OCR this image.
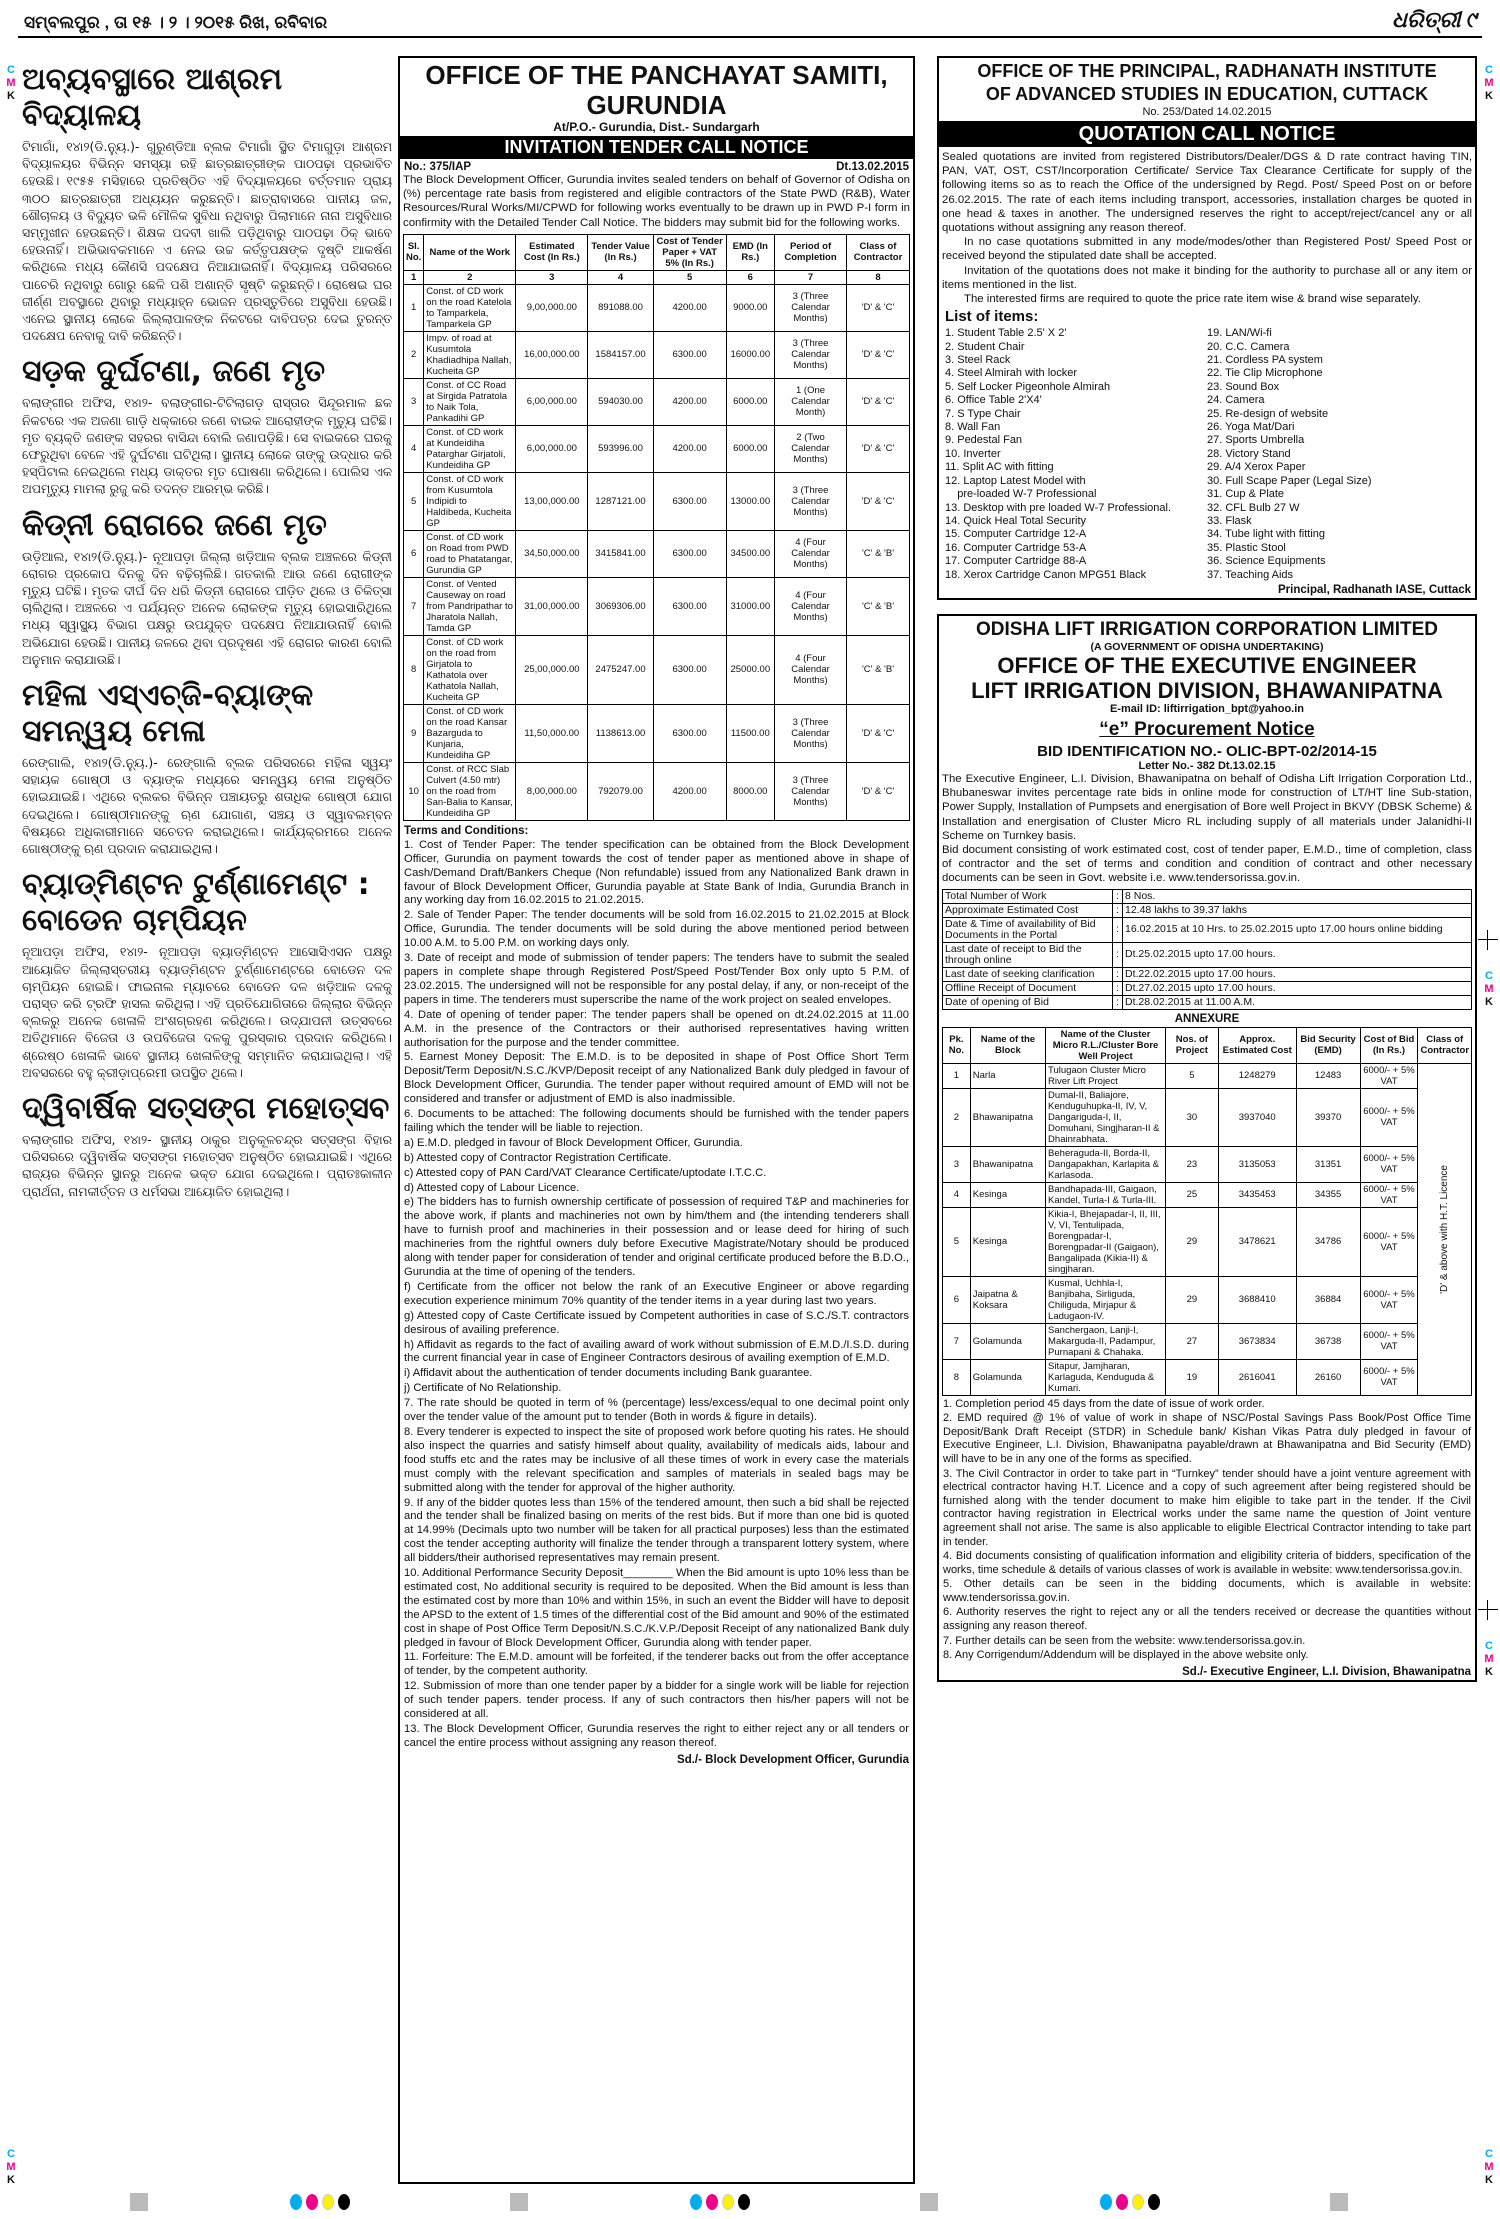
ସମ୍ବଲପୁର , ତା ୧୫ । ୨ । ୨୦୧୫ ରିଖ, ରବିବାର	ଧରିତ୍ରୀ ୯
C
M
K
C
M
K
C
M
K
C
M
K
C
M
K
C
M
K
ଅବ୍ୟବସ୍ଥାରେ ଆଶ୍ରମ ବିଦ୍ୟାଳୟ

ଟିମାଗାଁ, ୧୪ା୨(ଡି.ନ୍ୟୁ.)- ଗୁରୁଣ୍ଡିଆ ବ୍ଲକ ଟିମାଗାଁ ସ୍ଥିତ ଟିମାଗୁଡ଼ା ଆଶ୍ରମ ବିଦ୍ୟାଳୟର ବିଭିନ୍ନ ସମସ୍ୟା ରହି ଛାତ୍ରଛାତ୍ରୀଙ୍କ ପାଠପଢ଼ା ପ୍ରଭାବିତ ହେଉଛି। ୧୯୫୫ ମସିହାରେ ପ୍ରତିଷ୍ଠିତ ଏହି ବିଦ୍ୟାଳୟରେ ବର୍ତ୍ତମାନ ପ୍ରାୟ ୩୦୦ ଛାତ୍ରଛାତ୍ରୀ ଅଧ୍ୟୟନ କରୁଛନ୍ତି। ଛାତ୍ରାବାସରେ ପାନୀୟ ଜଳ, ଶୌଚାଳୟ ଓ ବିଦ୍ୟୁତ ଭଳି ମୌଳିକ ସୁବିଧା ନଥିବାରୁ ପିଲାମାନେ ନାନା ଅସୁବିଧାର ସମ୍ମୁଖୀନ ହେଉଛନ୍ତି। ଶିକ୍ଷକ ପଦବୀ ଖାଲି ପଡ଼ିଥିବାରୁ ପାଠପଢ଼ା ଠିକ୍ ଭାବେ ହେଉନାହିଁ। ଅଭିଭାବକମାନେ ଏ ନେଇ ଉଚ୍ଚ କର୍ତ୍ତୃପକ୍ଷଙ୍କ ଦୃଷ୍ଟି ଆକର୍ଷଣ କରିଥିଲେ ମଧ୍ୟ କୌଣସି ପଦକ୍ଷେପ ନିଆଯାଇନାହିଁ। ବିଦ୍ୟାଳୟ ପରିସରରେ ପାଚେରି ନଥିବାରୁ ଗୋରୁ ଛେଳି ପଶି ଅଶାନ୍ତି ସୃଷ୍ଟି କରୁଛନ୍ତି। ରୋଷେଇ ଘର ଜୀର୍ଣ୍ଣ ଅବସ୍ଥାରେ ଥିବାରୁ ମଧ୍ୟାହ୍ନ ଭୋଜନ ପ୍ରସ୍ତୁତିରେ ଅସୁବିଧା ହେଉଛି। ଏନେଇ ସ୍ଥାନୀୟ ଲୋକେ ଜିଲ୍ଲାପାଳଙ୍କ ନିକଟରେ ଦାବିପତ୍ର ଦେଇ ତୁରନ୍ତ ପଦକ୍ଷେପ ନେବାକୁ ଦାବି କରିଛନ୍ତି।

ସଡ଼କ ଦୁର୍ଘଟଣା, ଜଣେ ମୃତ

ବଲାଙ୍ଗୀର ଅଫିସ, ୧୪ା୨- ବଲାଙ୍ଗୀର-ଟିଟିଲାଗଡ଼ ରାସ୍ତାର ସିନ୍ଦୂରମାଳ ଛକ ନିକଟରେ ଏକ ଅଜଣା ଗାଡ଼ି ଧକ୍କାରେ ଜଣେ ବାଇକ ଆରୋହୀଙ୍କ ମୃତ୍ୟୁ ଘଟିଛି। ମୃତ ବ୍ୟକ୍ତି ଜଣଙ୍କ ସହରର ବାସିନ୍ଦା ବୋଲି ଜଣାପଡ଼ିଛି। ସେ ବାଇକରେ ଘରକୁ ଫେରୁଥିବା ବେଳେ ଏହି ଦୁର୍ଘଟଣା ଘଟିଥିଲା। ସ୍ଥାନୀୟ ଲୋକେ ତାଙ୍କୁ ଉଦ୍ଧାର କରି ହସ୍ପିଟାଲ ନେଇଥିଲେ ମଧ୍ୟ ଡାକ୍ତର ମୃତ ଘୋଷଣା କରିଥିଲେ। ପୋଲିସ ଏକ ଅପମୃତ୍ୟୁ ମାମଲା ରୁଜୁ କରି ତଦନ୍ତ ଆରମ୍ଭ କରିଛି।

କିଡ୍‌ନୀ ରୋଗରେ ଜଣେ ମୃତ

ଉଡ଼ିଆଲ, ୧୪ା୨(ଡି.ନ୍ୟୁ.)- ନୂଆପଡ଼ା ଜିଲ୍ଲା ଖଡ଼ିଆଳ ବ୍ଲକ ଅଞ୍ଚଳରେ କିଡ୍‌ନୀ ରୋଗର ପ୍ରକୋପ ଦିନକୁ ଦିନ ବଢ଼ିଚାଲିଛି। ଗତକାଲି ଆଉ ଜଣେ ରୋଗୀଙ୍କ ମୃତ୍ୟୁ ଘଟିଛି। ମୃତକ ଦୀର୍ଘ ଦିନ ଧରି କିଡ୍‌ନୀ ରୋଗରେ ପୀଡ଼ିତ ଥିଲେ ଓ ଚିକିତ୍ସା ଚାଲିଥିଲା। ଅଞ୍ଚଳରେ ଏ ପର୍ଯ୍ୟନ୍ତ ଅନେକ ଲୋକଙ୍କ ମୃତ୍ୟୁ ହୋଇସାରିଥିଲେ ମଧ୍ୟ ସ୍ୱାସ୍ଥ୍ୟ ବିଭାଗ ପକ୍ଷରୁ ଉପଯୁକ୍ତ ପଦକ୍ଷେପ ନିଆଯାଉନାହିଁ ବୋଲି ଅଭିଯୋଗ ହେଉଛି। ପାନୀୟ ଜଳରେ ଥିବା ପ୍ରଦୂଷଣ ଏହି ରୋଗର କାରଣ ବୋଲି ଅନୁମାନ କରାଯାଉଛି।

ମହିଳା ଏସ୍‌ଏଚ୍‌ଜି-ବ୍ୟାଙ୍କ ସମନ୍ୱୟ ମେଳା

ରେଙ୍ଗାଲି, ୧୪ା୨(ଡି.ନ୍ୟୁ.)- ରେଙ୍ଗାଲି ବ୍ଲକ ପରିସରରେ ମହିଳା ସ୍ୱୟଂ ସହାୟକ ଗୋଷ୍ଠୀ ଓ ବ୍ୟାଙ୍କ ମଧ୍ୟରେ ସମନ୍ୱୟ ମେଳା ଅନୁଷ୍ଠିତ ହୋଇଯାଇଛି। ଏଥିରେ ବ୍ଲକର ବିଭିନ୍ନ ପଞ୍ଚାୟତରୁ ଶତାଧିକ ଗୋଷ୍ଠୀ ଯୋଗ ଦେଇଥିଲେ। ଗୋଷ୍ଠୀମାନଙ୍କୁ ଋଣ ଯୋଗାଣ, ସଞ୍ଚୟ ଓ ସ୍ୱାବଲମ୍ବନ ବିଷୟରେ ଅଧିକାରୀମାନେ ସଚେତନ କରାଇଥିଲେ। କାର୍ଯ୍ୟକ୍ରମରେ ଅନେକ ଗୋଷ୍ଠୀଙ୍କୁ ଋଣ ପ୍ରଦାନ କରାଯାଇଥିଲା।

ବ୍ୟାଡ୍‌ମିଣ୍ଟନ ଟୁର୍ଣ୍ଣାମେଣ୍ଟ : ବୋଡେନ ଚାମ୍ପିୟନ

ନୂଆପଡ଼ା ଅଫିସ, ୧୪ା୨- ନୂଆପଡ଼ା ବ୍ୟାଡ୍‌ମିଣ୍ଟନ ଆସୋସିଏସନ ପକ୍ଷରୁ ଆୟୋଜିତ ଜିଲ୍ଲାସ୍ତରୀୟ ବ୍ୟାଡ୍‌ମିଣ୍ଟନ ଟୁର୍ଣ୍ଣାମେଣ୍ଟରେ ବୋଡେନ ଦଳ ଚାମ୍ପିୟନ ହୋଇଛି। ଫାଇନାଲ ମ୍ୟାଚରେ ବୋଡେନ ଦଳ ଖଡ଼ିଆଳ ଦଳକୁ ପରାସ୍ତ କରି ଟ୍ରଫି ହାସଲ କରିଥିଲା। ଏହି ପ୍ରତିଯୋଗିତାରେ ଜିଲ୍ଲାର ବିଭିନ୍ନ ବ୍ଲକରୁ ଅନେକ ଖେଳାଳି ଅଂଶଗ୍ରହଣ କରିଥିଲେ। ଉଦ୍‌ଯାପନୀ ଉତ୍ସବରେ ଅତିଥିମାନେ ବିଜେତା ଓ ଉପବିଜେତା ଦଳକୁ ପୁରସ୍କାର ପ୍ରଦାନ କରିଥିଲେ। ଶ୍ରେଷ୍ଠ ଖେଳାଳି ଭାବେ ସ୍ଥାନୀୟ ଖେଳାଳିଙ୍କୁ ସମ୍ମାନିତ କରାଯାଇଥିଲା। ଏହି ଅବସରରେ ବହୁ କ୍ରୀଡ଼ାପ୍ରେମୀ ଉପସ୍ଥିତ ଥିଲେ।

ଦ୍ୱିବାର୍ଷିକ ସତ୍‌ସଙ୍ଗ ମହୋତ୍ସବ

ବଲାଙ୍ଗୀର ଅଫିସ, ୧୪ା୨- ସ୍ଥାନୀୟ ଠାକୁର ଅନୁକୂଳଚନ୍ଦ୍ର ସତ୍‌ସଙ୍ଗ ବିହାର ପରିସରରେ ଦ୍ୱିବାର୍ଷିକ ସତ୍‌ସଙ୍ଗ ମହୋତ୍ସବ ଅନୁଷ୍ଠିତ ହୋଇଯାଇଛି। ଏଥିରେ ରାଜ୍ୟର ବିଭିନ୍ନ ସ୍ଥାନରୁ ଅନେକ ଭକ୍ତ ଯୋଗ ଦେଇଥିଲେ। ପ୍ରାତଃକାଳୀନ ପ୍ରାର୍ଥନା, ନାମକୀର୍ତ୍ତନ ଓ ଧର୍ମସଭା ଆୟୋଜିତ ହୋଇଥିଲା।

OFFICE OF THE PANCHAYAT SAMITI, GURUNDIA
At/P.O.- Gurundia, Dist.- Sundargarh
INVITATION TENDER CALL NOTICE
No.: 375/IAP	Dt.13.02.2015
The Block Development Officer, Gurundia invites sealed tenders on behalf of Governor of Odisha on (%) percentage rate basis from registered and eligible contractors of the State PWD (R&B), Water Resources/Rural Works/MI/CPWD for following works eventually to be drawn up in PWD P-I form in confirmity with the Detailed Tender Call Notice. The bidders may submit bid for the following works.
Sl. No.	Name of the Work	Estimated Cost (In Rs.)	Tender Value (In Rs.)	Cost of Tender Paper + VAT 5% (In Rs.)	EMD (In Rs.)	Period of Completion	Class of Contractor
1	2	3	4	5	6	7	8
1	Const. of CD work on the road Katelola to Tamparkela, Tamparkela GP	9,00,000.00	891088.00	4200.00	9000.00	3 (Three Calendar Months)	'D' & 'C'
2	Impv. of road at Kusumtola Khadiadhipa Nallah, Kucheita GP	16,00,000.00	1584157.00	6300.00	16000.00	3 (Three Calendar Months)	'D' & 'C'
3	Const. of CC Road at Sirgida Patratola to Naik Tola, Pankadihi GP	6,00,000.00	594030.00	4200.00	6000.00	1 (One Calendar Month)	'D' & 'C'
4	Const. of CD work at Kundeidiha Patarghar Girjatoli, Kundeidiha GP	6,00,000.00	593996.00	4200.00	6000.00	2 (Two Calendar Months)	'D' & 'C'
5	Const. of CD work from Kusumtola Indipidi to Haldibeda, Kucheita GP	13,00,000.00	1287121.00	6300.00	13000.00	3 (Three Calendar Months)	'D' & 'C'
6	Const. of CD work on Road from PWD road to Phatatangar, Gurundia GP	34,50,000.00	3415841.00	6300.00	34500.00	4 (Four Calendar Months)	'C' & 'B'
7	Const. of Vented Causeway on road from Pandripathar to Jharatola Nallah, Tamda GP	31,00,000.00	3069306.00	6300.00	31000.00	4 (Four Calendar Months)	'C' & 'B'
8	Const. of CD work on the road from Girjatola to Kathatola over Kathatola Nallah, Kucheita GP	25,00,000.00	2475247.00	6300.00	25000.00	4 (Four Calendar Months)	'C' & 'B'
9	Const. of CD work on the road Kansar Bazarguda to Kunjaria, Kundeidiha GP	11,50,000.00	1138613.00	6300.00	11500.00	3 (Three Calendar Months)	'D' & 'C'
10	Const. of RCC Slab Culvert (4.50 mtr) on the road from San-Balia to Kansar, Kundeidiha GP	8,00,000.00	792079.00	4200.00	8000.00	3 (Three Calendar Months)	'D' & 'C'
Terms and Conditions:
1. Cost of Tender Paper: The tender specification can be obtained from the Block Development Officer, Gurundia on payment towards the cost of tender paper as mentioned above in shape of Cash/Demand Draft/Bankers Cheque (Non refundable) issued from any Nationalized Bank drawn in favour of Block Development Officer, Gurundia payable at State Bank of India, Gurundia Branch in any working day from 16.02.2015 to 21.02.2015.
2. Sale of Tender Paper: The tender documents will be sold from 16.02.2015 to 21.02.2015 at Block Office, Gurundia. The tender documents will be sold during the above mentioned period between 10.00 A.M. to 5.00 P.M. on working days only.
3. Date of receipt and mode of submission of tender papers: The tenders have to submit the sealed papers in complete shape through Registered Post/Speed Post/Tender Box only upto 5 P.M. of 23.02.2015. The undersigned will not be responsible for any postal delay, if any, or non-receipt of the papers in time. The tenderers must superscribe the name of the work project on sealed envelopes.
4. Date of opening of tender paper: The tender papers shall be opened on dt.24.02.2015 at 11.00 A.M. in the presence of the Contractors or their authorised representatives having written authorisation for the purpose and the tender committee.
5. Earnest Money Deposit: The E.M.D. is to be deposited in shape of Post Office Short Term Deposit/Term Deposit/N.S.C./KVP/Deposit receipt of any Nationalized Bank duly pledged in favour of Block Development Officer, Gurundia. The tender paper without required amount of EMD will not be considered and transfer or adjustment of EMD is also inadmissible.
6. Documents to be attached: The following documents should be furnished with the tender papers failing which the tender will be liable to rejection.
a) E.M.D. pledged in favour of Block Development Officer, Gurundia.
b) Attested copy of Contractor Registration Certificate.
c) Attested copy of PAN Card/VAT Clearance Certificate/uptodate I.T.C.C.
d) Attested copy of Labour Licence.
e) The bidders has to furnish ownership certificate of possession of required T&P and machineries for the above work, if plants and machineries not own by him/them and (the intending tenderers shall have to furnish proof and machineries in their possession and or lease deed for hiring of such machineries from the rightful owners duly before Executive Magistrate/Notary should be produced along with tender paper for consideration of tender and original certificate produced before the B.D.O., Gurundia at the time of opening of the tenders.
f) Certificate from the officer not below the rank of an Executive Engineer or above regarding execution experience minimum 70% quantity of the tender items in a year during last two years.
g) Attested copy of Caste Certificate issued by Competent authorities in case of S.C./S.T. contractors desirous of availing preference.
h) Affidavit as regards to the fact of availing award of work without submission of E.M.D./I.S.D. during the current financial year in case of Engineer Contractors desirous of availing exemption of E.M.D.
i) Affidavit about the authentication of tender documents including Bank guarantee.
j) Certificate of No Relationship.
7. The rate should be quoted in term of % (percentage) less/excess/equal to one decimal point only over the tender value of the amount put to tender (Both in words & figure in details).
8. Every tenderer is expected to inspect the site of proposed work before quoting his rates. He should also inspect the quarries and satisfy himself about quality, availability of medicals aids, labour and food stuffs etc and the rates may be inclusive of all these times of work in every case the materials must comply with the relevant specification and samples of materials in sealed bags may be submitted along with the tender for approval of the higher authority.
9. If any of the bidder quotes less than 15% of the tendered amount, then such a bid shall be rejected and the tender shall be finalized basing on merits of the rest bids. But if more than one bid is quoted at 14.99% (Decimals upto two number will be taken for all practical purposes) less than the estimated cost the tender accepting authority will finalize the tender through a transparent lottery system, where all bidders/their authorised representatives may remain present.
10. Additional Performance Security Deposit________ When the Bid amount is upto 10% less than be estimated cost, No additional security is required to be deposited. When the Bid amount is less than the estimated cost by more than 10% and within 15%, in such an event the Bidder will have to deposit the APSD to the extent of 1.5 times of the differential cost of the Bid amount and 90% of the estimated cost in shape of Post Office Term Deposit/N.S.C./K.V.P./Deposit Receipt of any nationalized Bank duly pledged in favour of Block Development Officer, Gurundia along with tender paper.
11. Forfeiture: The E.M.D. amount will be forfeited, if the tenderer backs out from the offer acceptance of tender, by the competent authority.
12. Submission of more than one tender paper by a bidder for a single work will be liable for rejection of such tender papers. tender process. If any of such contractors then his/her papers will not be considered at all.
13. The Block Development Officer, Gurundia reserves the right to either reject any or all tenders or cancel the entire process without assigning any reason thereof.
Sd./- Block Development Officer, Gurundia
OFFICE OF THE PRINCIPAL, RADHANATH INSTITUTE
OF ADVANCED STUDIES IN EDUCATION, CUTTACK
No. 253/Dated 14.02.2015
QUOTATION CALL NOTICE
Sealed quotations are invited from registered Distributors/Dealer/DGS & D rate contract having TIN, PAN, VAT, OST, CST/Incorporation Certificate/ Service Tax Clearance Certificate for supply of the following items so as to reach the Office of the undersigned by Regd. Post/ Speed Post on or before 26.02.2015. The rate of each items including transport, accessories, installation charges be quoted in one head & taxes in another. The undersigned reserves the right to accept/reject/cancel any or all quotations without assigning any reason thereof.
In no case quotations submitted in any mode/modes/other than Registered Post/ Speed Post or received beyond the stipulated date shall be accepted.
Invitation of the quotations does not make it binding for the authority to purchase all or any item or items mentioned in the list.
The interested firms are required to quote the price rate item wise & brand wise separately.
List of items:
1. Student Table 2.5' X 2'
2. Student Chair
3. Steel Rack
4. Steel Almirah with locker
5. Self Locker Pigeonhole Almirah
6. Office Table 2'X4'
7. S Type Chair
8. Wall Fan
9. Pedestal Fan
10. Inverter
11. Split AC with fitting
12. Laptop Latest Model with
pre-loaded W-7 Professional
13. Desktop with pre loaded W-7 Professional.
14. Quick Heal Total Security
15. Computer Cartridge 12-A
16. Computer Cartridge 53-A
17. Computer Cartridge 88-A
18. Xerox Cartridge Canon MPG51 Black
19. LAN/Wi-fi
20. C.C. Camera
21. Cordless PA system
22. Tie Clip Microphone
23. Sound Box
24. Camera
25. Re-design of website
26. Yoga Mat/Dari
27. Sports Umbrella
28. Victory Stand
29. A/4 Xerox Paper
30. Full Scape Paper (Legal Size)
31. Cup & Plate
32. CFL Bulb 27 W
33. Flask
34. Tube light with fitting
35. Plastic Stool
36. Science Equipments
37. Teaching Aids
Principal, Radhanath IASE, Cuttack
ODISHA LIFT IRRIGATION CORPORATION LIMITED
(A GOVERNMENT OF ODISHA UNDERTAKING)
OFFICE OF THE EXECUTIVE ENGINEER
LIFT IRRIGATION DIVISION, BHAWANIPATNA
E-mail ID: liftirrigation_bpt@yahoo.in
“e” Procurement Notice
BID IDENTIFICATION NO.- OLIC-BPT-02/2014-15
Letter No.- 382 Dt.13.02.15
The Executive Engineer, L.I. Division, Bhawanipatna on behalf of Odisha Lift Irrigation Corporation Ltd., Bhubaneswar invites percentage rate bids in online mode for construction of LT/HT line Sub-station, Power Supply, Installation of Pumpsets and energisation of Bore well Project in BKVY (DBSK Scheme) & Installation and energisation of Cluster Micro RL including supply of all materials under Jalanidhi-II Scheme on Turnkey basis.
Bid document consisting of work estimated cost, cost of tender paper, E.M.D., time of completion, class of contractor and the set of terms and condition and condition of contract and other necessary documents can be seen in Govt. website i.e. www.tendersorissa.gov.in.
Total Number of Work	:	8 Nos.
Approximate Estimated Cost	:	12.48 lakhs to 39.37 lakhs
Date & Time of availability of Bid Documents in the Portal	:	16.02.2015 at 10 Hrs. to 25.02.2015 upto 17.00 hours online bidding
Last date of receipt to Bid the through online	:	Dt.25.02.2015 upto 17.00 hours.
Last date of seeking clarification	:	Dt.22.02.2015 upto 17.00 hours.
Offline Receipt of Document	:	Dt.27.02.2015 upto 17.00 hours.
Date of opening of Bid	:	Dt.28.02.2015 at 11.00 A.M.
ANNEXURE
Pk. No.	Name of the Block	Name of the Cluster Micro R.L./Cluster Bore Well Project	Nos. of Project	Approx. Estimated Cost	Bid Security (EMD)	Cost of Bid (In Rs.)	Class of Contractor
1	Narla	Tulugaon Cluster Micro River Lift Project	5	1248279	12483	6000/- + 5% VAT	'D' & above with H.T. Licence

2	Bhawanipatna	Dumal-II, Baliajore, Kenduguhupka-II, IV, V, Dangariguda-I, II, Domuhani, Singjharan-II & Dhainrabhata.	30	3937040	39370	6000/- + 5% VAT	
3	Bhawanipatna	Beheraguda-II, Borda-II, Dangapakhan, Karlapita & Karlasoda.	23	3135053	31351	6000/- + 5% VAT	
4	Kesinga	Bandhapada-III, Gaigaon, Kandel, Turla-I & Turla-III.	25	3435453	34355	6000/- + 5% VAT	
5	Kesinga	Kikia-I, Bhejapadar-I, II, III, V, VI, Tentulipada, Borengpadar-I, Borengpadar-II (Gaigaon), Bangalipada (Kikia-II) & singjharan.	29	3478621	34786	6000/- + 5% VAT	
6	Jaipatna & Koksara	Kusmal, Uchhla-I, Banjibaha, Sirliguda, Chiliguda, Mirjapur & Ladugaon-IV.	29	3688410	36884	6000/- + 5% VAT	
7	Golamunda	Sanchergaon, Lanji-I, Makarguda-II, Padampur, Purnapani & Chahaka.	27	3673834	36738	6000/- + 5% VAT	
8	Golamunda	Sitapur, Jamjharan, Karlaguda, Kenduguda & Kumari.	19	2616041	26160	6000/- + 5% VAT	
1. Completion period 45 days from the date of issue of work order.
2. EMD required @ 1% of value of work in shape of NSC/Postal Savings Pass Book/Post Office Time Deposit/Bank Draft Receipt (STDR) in Schedule bank/ Kishan Vikas Patra duly pledged in favour of Executive Engineer, L.I. Division, Bhawanipatna payable/drawn at Bhawanipatna and Bid Security (EMD) will have to be in any one of the forms as specified.
3. The Civil Contractor in order to take part in “Turnkey” tender should have a joint venture agreement with electrical contractor having H.T. Licence and a copy of such agreement after being registered should be furnished along with the tender document to make him eligible to take part in the tender. If the Civil contractor having registration in Electrical works under the same name the question of Joint venture agreement shall not arise. The same is also applicable to eligible Electrical Contractor intending to take part in tender.
4. Bid documents consisting of qualification information and eligibility criteria of bidders, specification of the works, time schedule & details of various classes of work is available in website: www.tendersorissa.gov.in.
5. Other details can be seen in the bidding documents, which is available in website: www.tendersorissa.gov.in.
6. Authority reserves the right to reject any or all the tenders received or decrease the quantities without assigning any reason thereof.
7. Further details can be seen from the website: www.tendersorissa.gov.in.
8. Any Corrigendum/Addendum will be displayed in the above website only.
Sd./- Executive Engineer, L.I. Division, Bhawanipatna
